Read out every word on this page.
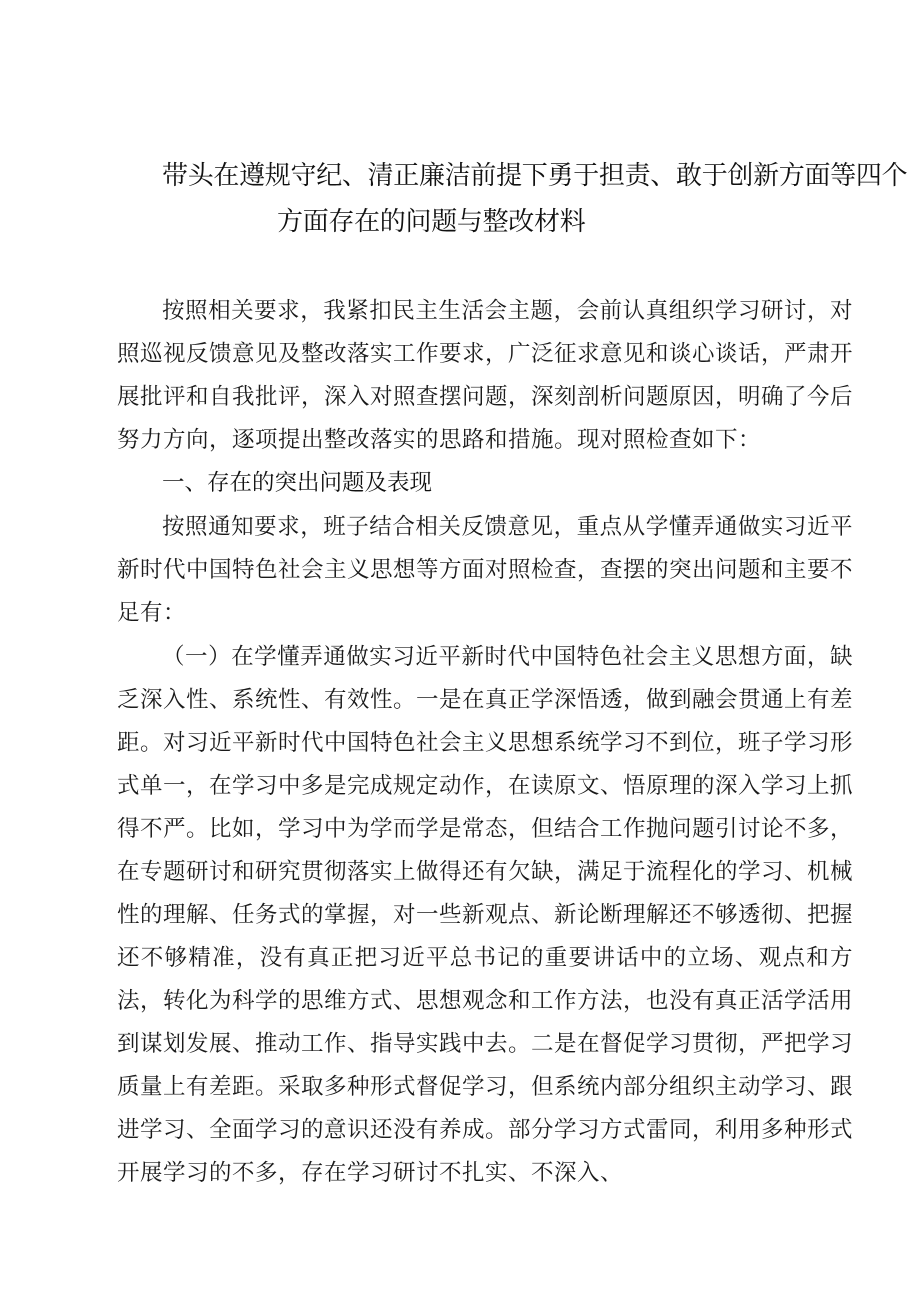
带头在遵规守纪、清正廉洁前提下勇于担责、敢于创新方面等四个
方面存在的问题与整改材料
按照相关要求，我紧扣民主生活会主题，会前认真组织学习研讨，对照巡视反馈意见及整改落实工作要求，广泛征求意见和谈心谈话，严肃开展批评和自我批评，深入对照查摆问题，深刻剖析问题原因，明确了今后努力方向，逐项提出整改落实的思路和措施。现对照检查如下：
一、存在的突出问题及表现
按照通知要求，班子结合相关反馈意见，重点从学懂弄通做实习近平新时代中国特色社会主义思想等方面对照检查，查摆的突出问题和主要不足有：
（一）在学懂弄通做实习近平新时代中国特色社会主义思想方面，缺乏深入性、系统性、有效性。一是在真正学深悟透，做到融会贯通上有差距。对习近平新时代中国特色社会主义思想系统学习不到位，班子学习形式单一，在学习中多是完成规定动作，在读原文、悟原理的深入学习上抓得不严。比如，学习中为学而学是常态，但结合工作抛问题引讨论不多，在专题研讨和研究贯彻落实上做得还有欠缺，满足于流程化的学习、机械性的理解、任务式的掌握，对一些新观点、新论断理解还不够透彻、把握还不够精准，没有真正把习近平总书记的重要讲话中的立场、观点和方法，转化为科学的思维方式、思想观念和工作方法，也没有真正活学活用到谋划发展、推动工作、指导实践中去。二是在督促学习贯彻，严把学习质量上有差距。采取多种形式督促学习，但系统内部分组织主动学习、跟进学习、全面学习的意识还没有养成。部分学习方式雷同，利用多种形式开展学习的不多，存在学习研讨不扎实、不深入、
